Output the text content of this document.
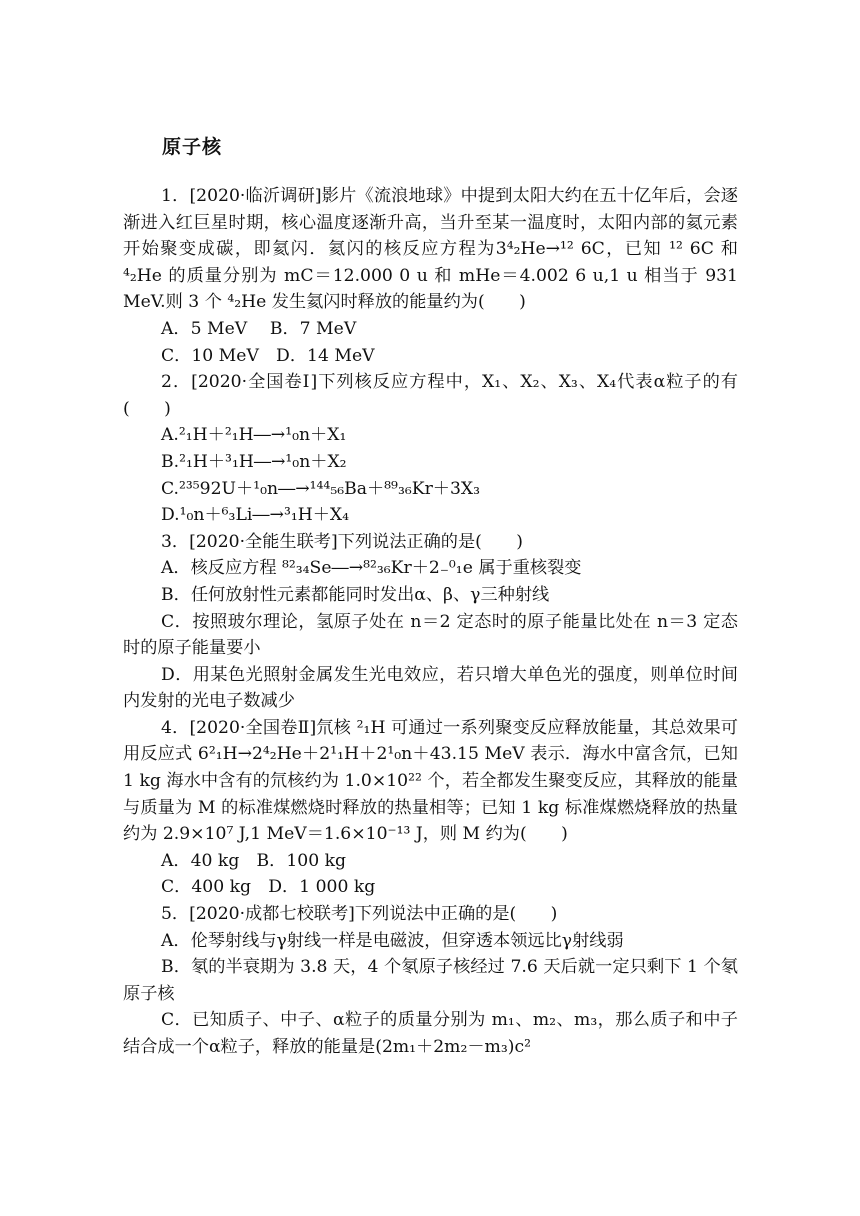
原子核

1．[2020·临沂调研]影片《流浪地球》中提到太阳大约在五十亿年后，会逐渐进入红巨星时期，核心温度逐渐升高，当升至某一温度时，太阳内部的氦元素开始聚变成碳，即氦闪．氦闪的核反应方程为3⁴₂He→¹² 6C，已知 ¹² 6C 和 ⁴₂He 的质量分别为 mC＝12.000 0 u 和 mHe＝4.002 6 u,1 u 相当于 931 MeV.则 3 个 ⁴₂He 发生氦闪时释放的能量约为(　　)

A．5 MeV　 B．7 MeV

C．10 MeV　D．14 MeV

2．[2020·全国卷Ⅰ]下列核反应方程中，X₁、X₂、X₃、X₄代表α粒子的有(　　)

A.²₁H＋²₁H―→¹₀n＋X₁

B.²₁H＋³₁H―→¹₀n＋X₂

C.²³⁵92U＋¹₀n―→¹⁴⁴₅₆Ba＋⁸⁹₃₆Kr＋3X₃

D.¹₀n＋⁶₃Li―→³₁H＋X₄

3．[2020·全能生联考]下列说法正确的是(　　)

A．核反应方程 ⁸²₃₄Se―→⁸²₃₆Kr＋2₋⁰₁e 属于重核裂变

B．任何放射性元素都能同时发出α、β、γ三种射线

C．按照玻尔理论，氢原子处在 n＝2 定态时的原子能量比处在 n＝3 定态时的原子能量要小

D．用某色光照射金属发生光电效应，若只增大单色光的强度，则单位时间内发射的光电子数减少

4．[2020·全国卷Ⅱ]氘核 ²₁H 可通过一系列聚变反应释放能量，其总效果可用反应式 6²₁H→2⁴₂He＋2¹₁H＋2¹₀n＋43.15 MeV 表示．海水中富含氘，已知 1 kg 海水中含有的氘核约为 1.0×10²² 个，若全都发生聚变反应，其释放的能量与质量为 M 的标准煤燃烧时释放的热量相等；已知 1 kg 标准煤燃烧释放的热量约为 2.9×10⁷ J,1 MeV＝1.6×10⁻¹³ J，则 M 约为(　　)

A．40 kg　B．100 kg

C．400 kg　D．1 000 kg

5．[2020·成都七校联考]下列说法中正确的是(　　)

A．伦琴射线与γ射线一样是电磁波，但穿透本领远比γ射线弱

B．氡的半衰期为 3.8 天，4 个氡原子核经过 7.6 天后就一定只剩下 1 个氡原子核

C．已知质子、中子、α粒子的质量分别为 m₁、m₂、m₃，那么质子和中子结合成一个α粒子，释放的能量是(2m₁＋2m₂－m₃)c²
